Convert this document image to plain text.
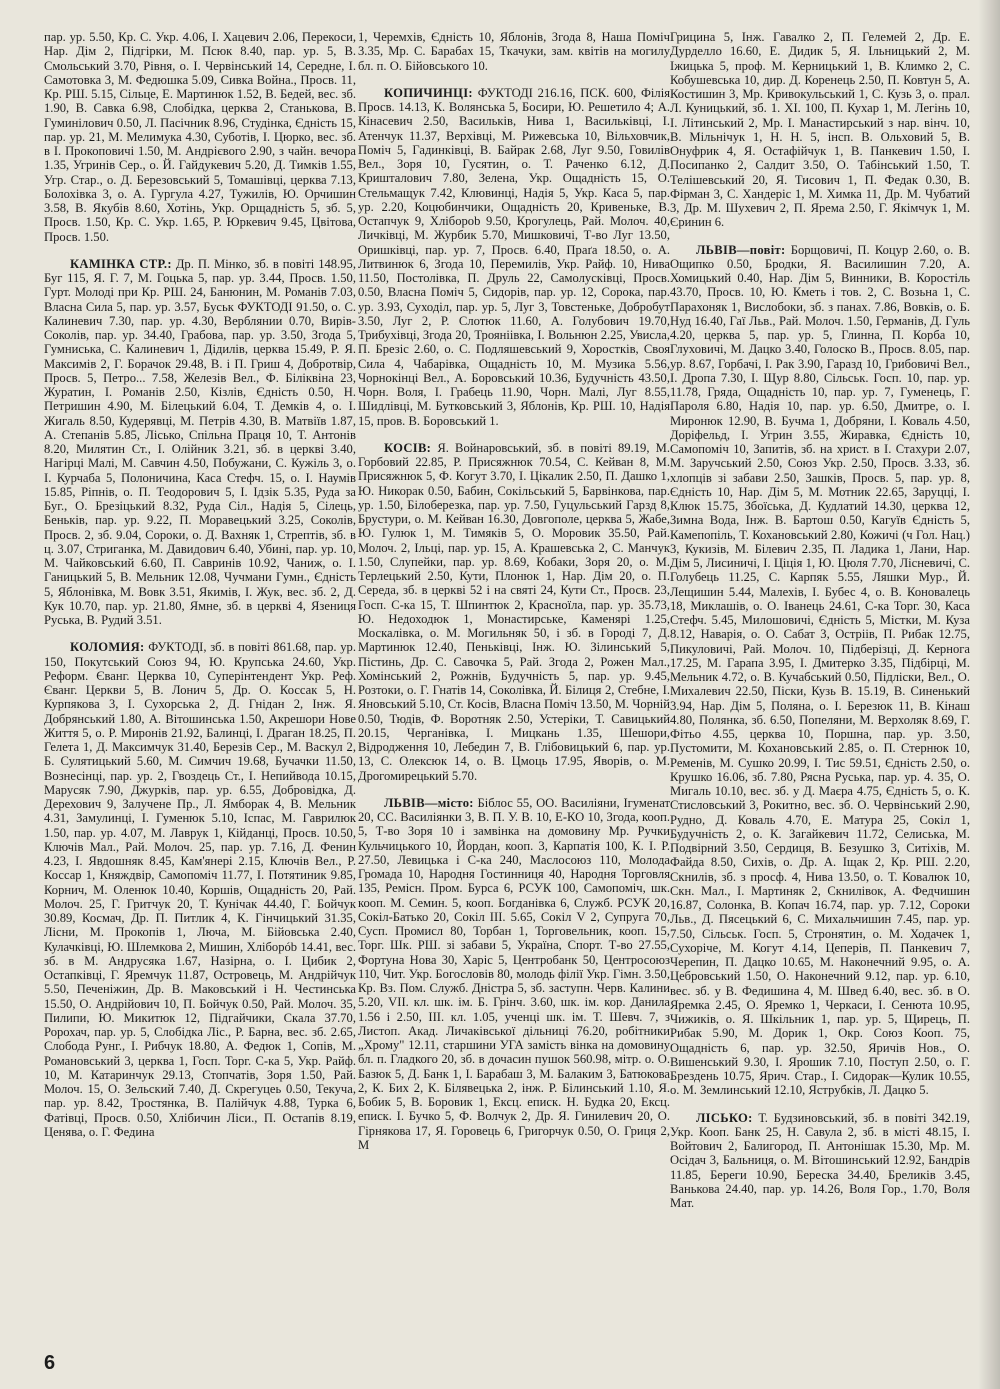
пар. ур. 5.50, Кр. С. Укр. 4.06, І. Хацевич 2.06, Перекоси, Нар. Дім 2, Підгірки, М. Псюк 8.40, пар. ур. 5, В. Смольський 3.70, Рівня, о. І. Червінський 14, Середне, І. Самотовка 3, М. Федюшка 5.09, Сивка Война., Просв. 11, Кр. РШ. 5.15, Сільце, Е. Мартинюк 1.52, В. Бедей, вес. зб. 1.90, В. Савка 6.98, Слобідка, церква 2, Станькова, В. Гуминілович 0.50, Л. Пасічник 8.96, Студінка, Єдність 15, пар. ур. 21, М. Мелимука 4.30, Суботів, І. Цюрко, вес. зб. в І. Прокоповичі 1.50, М. Андрієвого 2.90, з чайн. вечора 1.35, Угринів Сер., о. Й. Гайдукевич 5.20, Д. Тимків 1.55, Угр. Стар., о. Д. Березовський 5, Томашівці, церква 7.13, Болохівка 3, о. А. Гургула 4.27, Тужилів, Ю. Орчишин 3.58, В. Якубів 8.60, Хотінь, Укр. Орщадність 5, зб. 5, Просв. 1.50, Кр. С. Укр. 1.65, Р. Юркевич 9.45, Цвітова, Просв. 1.50.

КАМІНКА СТР.: Др. П. Мінко, зб. в повіті 148.95, Буг 115, Я. Г. 7, М. Гоцька 5, пар. ур. 3.44, Просв. 1.50, Гурт. Молоді при Кр. РШ. 24, Банюнин, М. Романів 7.03, Власна Сила 5, пар. ур. 3.57, Буськ ФУКТОДІ 91.50, о. С. Калиневич 7.30, пар. ур. 4.30, Верблянии 0.70, Вирів-Соколів, пар. ур. 34.40, Грабова, пар. ур. 3.50, Згода 5, Гумниська, С. Калиневич 1, Дідилів, церква 15.49, Р. Я. Максимів 2, Г. Борачок 29.48, В. і П. Гриш 4, Добротвір, Просв. 5, Петро... 7.58, Железів Вел., Ф. Біліквіна 23, Журатин, І. Романів 2.50, Кізлів, Єдність 0.50, Н. Петришин 4.90, М. Білецький 6.04, Т. Демків 4, о. І. Жигаль 8.50, Кудерявці, М. Петрів 4.30, В. Матвіїв 1.87, А. Степанів 5.85, Лісько, Спільна Праця 10, Т. Антонів 8.20, Милятин Ст., І. Олійник 3.21, зб. в церкві 3.40, Нагірці Малі, М. Савчин 4.50, Побужани, С. Кужіль 3, о. І. Курчаба 5, Полоничина, Каса Стефч. 15, о. І. Наумів 15.85, Ріпнів, о. П. Теодорович 5, І. Ідзік 5.35, Руда за Буг., О. Брезіцький 8.32, Руда Сіл., Надія 5, Сілець, Беньків, пар. ур. 9.22, П. Моравецький 3.25, Соколів, Просв. 2, зб. 9.04, Сороки, о. Д. Вахняк 1, Стрептів, зб. в ц. 3.07, Стриганка, М. Давидович 6.40, Убині, пар. ур. 10, М. Чайковський 6.60, П. Савринів 10.92, Чаниж, о. І. Ганицький 5, В. Мельник 12.08, Чучмани Гумн., Єдність 5, Яблонівка, М. Вовк 3.51, Якимів, І. Жук, вес. зб. 2, Д. Кук 10.70, пар. ур. 21.80, Ямне, зб. в церкві 4, Язениця Руська, В. Рудий 3.51.

КОЛОМИЯ: ФУКТОДІ, зб. в повіті 861.68, пар. ур. 150, Покутський Союз 94, Ю. Крупська 24.60, Укр. Реформ. Єванг. Церква 10, Суперінтендент Укр. Реф. Єванг. Церкви 5, В. Лонич 5, Др. О. Коссак 5, Н. Курпякова 3, І. Сухорська 2, Д. Гнідан 2, Інж. Я. Добрянський 1.80, А. Вітошинська 1.50, Акрешори Нове Життя 5, о. Р. Миронів 21.92, Балинці, І. Драган 18.25, П. Гелета 1, Д. Максимчук 31.40, Березів Сер., М. Васкул 2, Б. Сулятицький 5.60, М. Симчич 19.68, Бучачки 11.50, Вознесінці, пар. ур. 2, Гвоздець Ст., І. Непийвода 10.15, Марусяк 7.90, Джурків, пар. ур. 6.55, Добровідка, Д. Дерехович 9, Залучене Пр., Л. Ямборак 4, В. Мельник 4.31, Замулинці, І. Гуменюк 5.10, Іспас, М. Гаврилюк 1.50, пар. ур. 4.07, М. Лаврук 1, Кійданці, Просв. 10.50, Ключів Мал., Рай. Молоч. 25, пар. ур. 7.16, Д. Фенин 4.23, І. Явдошняк 8.45, Кам'янері 2.15, Ключів Вел., Р. Коссар 1, Княждвір, Самопоміч 11.77, І. Потятиник 9.85, Корнич, М. Оленюк 10.40, Коршів, Ощадність 20, Рай. Молоч. 25, Г. Гритчук 20, Т. Кунічак 44.40, Г. Бойчук 30.89, Космач, Др. П. Питлик 4, К. Гінчицький 31.35, Лісни, М. Прокопів 1, Люча, М. Бійовська 2.40, Кулачківці, Ю. Шлемкова 2, Мишин, Хліборób 14.41, вес. зб. в М. Андрусяка 1.67, Назірна, о. І. Цибик 2, Остапківці, Г. Яремчук 11.87, Островець, М. Андрійчук 5.50, Печеніжин, Др. В. Маковський і Н. Честинська 15.50, О. Андрійович 10, П. Бойчук 0.50, Рай. Молоч. 35, Пилипи, Ю. Микитюк 12, Підгайчики, Скала 37.70, Ророхач, пар. ур. 5, Слобідка Ліс., Р. Барна, вес. зб. 2.65, Слобода Рунг., І. Рибчук 18.80, А. Федюк 1, Сопів, М. Романовський 3, церква 1, Госп. Торг. С-ка 5, Укр. Райф. 10, М. Катаринчук 29.13, Стопчатів, Зоря 1.50, Рай. Молоч. 15, О. Зельский 7.40, Д. Скрегуцеь 0.50, Текуча, пар. ур. 8.42, Тростянка, В. Палійчук 4.88, Турка 6, Фатівці, Просв. 0.50, Хлібичин Ліси., П. Остапів 8.19, Ценява, о. Г. Федина

1, Черемхів, Єдність 10, Яблонів, Згода 8, Наша Поміч 3.35, Мр. С. Барабах 15, Ткачуки, зам. квітів на могилу бл. п. О. Бійовського 10.

КОПИЧИНЦІ: ФУКТОДІ 216.16, ПСК. 600, Філія Просв. 14.13, К. Волянська 5, Босири, Ю. Решетило 4; А. Кінасевич 2.50, Васильків, Нива 1, Васильківці, І. Атенчук 11.37, Верхівці, М. Рижевська 10, Вільховчик, Поміч 5, Гадинківці, В. Байрак 2.68, Луг 9.50, Говилів Вел., Зоря 10, Гусятин, о. Т. Раченко 6.12, Д. Кришталович 7.80, Зелена, Укр. Ощадність 15, О. Стельмащук 7.42, Клювинці, Надія 5, Укр. Каса 5, пар. ур. 2.20, Коцюбинчики, Ощадність 20, Кривенькe, В. Остапчук 9, Хліборob 9.50, Крогулець, Рай. Молоч. 40, Личківці, М. Журбик 5.70, Мишковичі, Т-во Луг 13.50, Оришківці, пар. ур. 7, Просв. 6.40, Праґа 18.50, о. А. Литвинюк 6, Згода 10, Перемилів, Укр. Райф. 10, Нива 11.50, Постолівка, П. Друль 22, Самолусківці, Просв. 0.50, Власна Поміч 5, Сидорів, пар. ур. 12, Сорока, пар. ур. 3.93, Суходіл, пар. ур. 5, Луг 3, Товстенькe, Добробут 3.50, Луг 2, Р. Слотюк 11.60, А. Голубович 19.70, Трибухівці, Згода 20, Трояніівка, І. Вольнюн 2.25, Увисла, П. Брезіс 2.60, о. С. Подляшевський 9, Хоростків, Своя Сила 4, Чабарівка, Ощадність 10, М. Музика 5.56, Чорнокінці Вел., А. Боровський 10.36, Будучність 43.50, Чорн. Воля, І. Грабець 11.90, Чорн. Малі, Луг 8.55, Шидлівці, М. Бутковський 3, Яблонів, Кр. РШ. 10, Надія 15, пров. В. Боровський 1.

КОСІВ: Я. Войнаровський, зб. в повіті 89.19, М. Горбовий 22.85, Р. Присяжнюк 70.54, С. Кейван 8, М. Присяжнюк 5, Ф. Когут 3.70, І. Цікалик 2.50, П. Дашко 1, Ю. Никорак 0.50, Бабин, Сокільський 5, Барвінкова, пар. ур. 1.50, Білоберезка, пар. ур. 7.50, Гуцульський Гарзд 8, Брустури, о. М. Кейван 16.30, Довгополе, церква 5, Жабе, Ю. Гулюк 1, М. Тимяків 5, О. Моровик 35.50, Рай. Молоч. 2, Ільці, пар. ур. 15, А. Крашевська 2, С. Манчук 1.50, Слупейки, пар. ур. 8.69, Кобаки, Зоря 20, о. М. Терлецький 2.50, Кути, Плонюк 1, Нар. Дім 20, о. П. Середа, зб. в церкві 52 і на святі 24, Кути Ст., Просв. 23, Госп. С-ка 15, Т. Шпинтюк 2, Красноїла, пар. ур. 35.73, Ю. Недоходюк 1, Монастирське, Каменярі 1.25, Москалівка, о. М. Могильняк 50, і зб. в Городі 7, Д. Мартинюк 12.40, Пеньківці, Інж. Ю. Зілинський 5, Пістинь, Др. С. Савочка 5, Рай. Згода 2, Рожен Мал., Хомінський 2, Рожнів, Будучність 5, пар. ур. 9.45, Розтоки, о. Г. Гнатів 14, Соколівка, Й. Білиця 2, Стебне, І. Яновський 5.10, Ст. Косів, Власна Поміч 13.50, М. Чорній 0.50, Тюдів, Ф. Воротняк 2.50, Устеріки, Т. Савицький 20.15, Черганівка, І. Мицкань 1.35, Шешори, Відродження 10, Лебедин 7, В. Глібовицький 6, пар. ур. 13, С. Олексюк 14, о. В. Цмоць 17.95, Яворів, о. М. Дрогомирецький 5.70.

ЛЬВІВ—місто: Біблос 55, ОО. Василіяни, Ігуменат 20, СС. Василіянки 3, В. П. У. В. 10, Е-КО 10, Згода, кооп. 5, Т-во Зоря 10 і замвінка на домовину Мр. Ручки Кульчицького 10, Йордан, кооп. 3, Карпатія 100, К. І. Р. 27.50, Левицька і С-ка 240, Маслосоюз 110, Молода Громада 10, Народня Гостинниця 40, Народня Торговля 135, Ремісн. Пром. Бурса 6, РСУК 100, Самопоміч, шк. кооп. М. Семин. 5, кооп. Богданівка 6, Служб. РСУК 20, Сокіл-Батько 20, Сокіл III. 5.65, Сокіл V 2, Супруга 70, Сусп. Промисл 80, Торбан 1, Торговельник, кооп. 15, Торг. Шк. РШ. зі забави 5, Україна, Спорт. Т-во 27.55, Фортуна Нова 30, Харіс 5, Центробанк 50, Центросоюз 110, Чит. Укр. Богословів 80, молодь філії Укр. Гімн. 3.50, Кр. Вз. Пом. Служб. Дністра 5, зб. заступн. Черв. Калини 5.20, VII. кл. шк. ім. Б. Грінч. 3.60, шк. ім. кор. Данила 1.56 і 2.50, ІІІ. кл. 1.05, ученці шк. ім. Т. Шевч. 7, з Листоп. Акад. Личаківської дільниці 76.20, робітники „Хрому" 12.11, старшини УГА замість вінка на домовину бл. п. Гладкого 20, зб. в дочасин пушок 560.98, мітр. о. О. Базюк 5, Д. Банк 1, І. Барабаш 3, М. Балаким 3, Батюкова 2, К. Бих 2, К. Білявецька 2, інж. Р. Білинський 1.10, Я. Бобик 5, В. Боровик 1, Ексц. еписк. Н. Будка 20, Ексц. еписк. І. Бучко 5, Ф. Волчук 2, Др. Я. Гинилевич 20, О. Гірнякова 17, Я. Горовець 6, Григорчук 0.50, О. Гриця 2, М

Грицина 5, Інж. Гавалко 2, П. Гелемей 2, Др. Е. Дурделло 16.60, Е. Дидик 5, Я. Ільницький 2, М. Іжицька 5, проф. М. Керницький 1, В. Климко 2, С. Кобушевська 10, дир. Д. Коренець 2.50, П. Ковтун 5, А. Костишин 3, Мр. Кривокульський 1, С. Кузь 3, о. прал. Л. Куницький, зб. 1. XI. 100, П. Кухар 1, М. Легінь 10, І. Літинський 2, Мр. І. Манастирський з нар. вінч. 10, В. Мільнічук 1, Н. Н. 5, інсп. В. Ольховий 5, В. Онуфрик 4, Я. Остафійчук 1, В. Панкевич 1.50, І. Посипанко 2, Салдит 3.50, О. Табінський 1.50, Т. Телішевський 20, Я. Тисович 1, П. Федак 0.30, В. Фірман 3, С. Хандеріс 1, М. Химка 11, Др. М. Чубатий 3, Др. М. Шухевич 2, П. Ярема 2.50, Г. Якімчук 1, М. Єринин 6.

ЛЬВІВ—повіт: Борщовичі, П. Коцур 2.60, о. В. Ощипко 0.50, Бродки, Я. Василишин 7.20, А. Хомицький 0.40, Нар. Дім 5, Винники, В. Коростіль 43.70, Просв. 10, Ю. Кметь і тов. 2, С. Возьна 1, С. Парахоняк 1, Вислобоки, зб. з панах. 7.86, Вовків, о. Б. Нуд 16.40, Гаї Льв., Рай. Молоч. 1.50, Германів, Д. Гуль 4.20, церква 5, пар. ур. 5, Глинна, П. Корба 10, Глуховичі, М. Дацко 3.40, Голоско В., Просв. 8.05, пар. ур. 8.67, Горбачі, І. Рак 3.90, Гаразд 10, Грибовичі Вел., І. Дропа 7.30, І. Щур 8.80, Сільськ. Госп. 10, пар. ур. 11.78, Гряда, Ощадність 10, пар. ур. 7, Гуменець, Г. Пароля 6.80, Надія 10, пар. ур. 6.50, Дмитре, о. І. Миронюк 12.90, В. Бучма 1, Добряни, І. Коваль 4.50, Доріфельд, І. Угрин 3.55, Жиравка, Єдність 10, Самопоміч 10, Запитів, зб. на христ. в І. Стахури 2.07, М. Заручський 2.50, Союз Укр. 2.50, Просв. 3.33, зб. хлопців зі забави 2.50, Зашків, Просв. 5, пар. ур. 8, Єдність 10, Нар. Дім 5, М. Мотник 22.65, Заруцці, І. Клюк 15.75, Збоїська, Д. Кудлатий 14.30, церква 12, Зимна Вода, Інж. В. Бартош 0.50, Кагуїв Єдність 5, Камепопіль, Т. Кохановський 2.80, Кожичі (ч Гол. Нац.) 3, Кукизів, М. Білевич 2.35, П. Ладика 1, Лани, Нар. Дім 5, Лисиничі, І. Ціція 1, Ю. Цюля 7.70, Лісневичі, С. Голубець 11.25, С. Карпяк 5.55, Ляшки Мур., Й. Лещишин 5.44, Малехів, І. Бубес 4, о. В. Коновалець 18, Миклашів, о. О. Іванець 24.61, С-ка Торг. 30, Каса Стефч. 5.45, Милошовичі, Єдність 5, Містки, М. Куза 8.12, Наварія, о. О. Сабат 3, Остріів, П. Рибак 12.75, Пикуловичі, Рай. Молоч. 10, Підберізці, Д. Кернога 17.25, М. Гарапа 3.95, І. Дмитерко 3.35, Підбірці, М. Мельник 4.72, о. В. Кучабський 0.50, Підліски, Вел., О. Михалевич 22.50, Піски, Кузь В. 15.19, В. Синенький 3.94, Нар. Дім 5, Поляна, о. І. Березюк 11, В. Кінаш 4.80, Полянка, зб. 6.50, Попеляни, М. Верхоляк 8.69, Г. Фітьо 4.55, церква 10, Поршна, пар. ур. 3.50, Пустомити, М. Кохановський 2.85, о. П. Стернюк 10, Ременів, М. Сушко 20.99, І. Тис 59.51, Єдність 2.50, о. Крушко 16.06, зб. 7.80, Рясна Руська, пар. ур. 4. 35, О. Мигаль 10.10, вес. зб. у Д. Маєра 4.75, Єдність 5, о. К. Стисловський 3, Рокитно, вес. зб. О. Червінський 2.90, Рудно, Д. Коваль 4.70, Е. Матура 25, Сокіл 1, Будучність 2, о. К. Загайкевич 11.72, Селиська, М. Подвірний 3.50, Сердиця, В. Безушко 3, Ситіхів, М. Файда 8.50, Сихів, о. Др. А. Іщак 2, Кр. РШ. 2.20, Скнилів, зб. з просф. 4, Нива 13.50, о. Т. Ковалюк 10, Скн. Мал., І. Мартиняк 2, Скнилівок, А. Федчишин 16.87, Солонка, В. Копач 16.74, пар. ур. 7.12, Сороки Льв., Д. Пясецький 6, С. Михальчишин 7.45, пар. ур. 7.50, Сільськ. Госп. 5, Стронятин, о. М. Ходачек 1, Сухоріче, М. Когут 4.14, Цеперів, П. Панкевич 7, Черепин, П. Дацко 10.65, М. Наконечний 9.95, о. А. Цебровський 1.50, О. Наконечний 9.12, пар. ур. 6.10, вес. зб. у В. Федишина 4, М. Швед 6.40, вес. зб. в О. Яремка 2.45, О. Яремко 1, Черкаси, І. Сенюта 10.95, Чижиків, о. Я. Шкільник 1, пар. ур. 5, Щирець, П. Рибак 5.90, М. Дорик 1, Окр. Союз Кооп. 75, Ощадність 6, пар. ур. 32.50, Яричів Нов., О. Вишенський 9.30, І. Ярошик 7.10, Поступ 2.50, о. Г. Брездень 10.75, Ярич. Стар., І. Сидорак—Кулик 10.55, о. М. Землинський 12.10, Яструбків, Л. Дацко 5.

ЛІСЬКО: Т. Будзиновський, зб. в повіті 342.19, Укр. Кооп. Банк 25, Н. Савула 2, зб. в місті 48.15, І. Войтович 2, Балигород, П. Антонішак 15.30, Мр. М. Осідач 3, Бальниця, о. М. Вітошинський 12.92, Бандрів 11.85, Береги 10.90, Береска 34.40, Бреликів 3.45, Ванькова 24.40, пар. ур. 14.26, Воля Гор., 1.70, Воля Мат.

6
